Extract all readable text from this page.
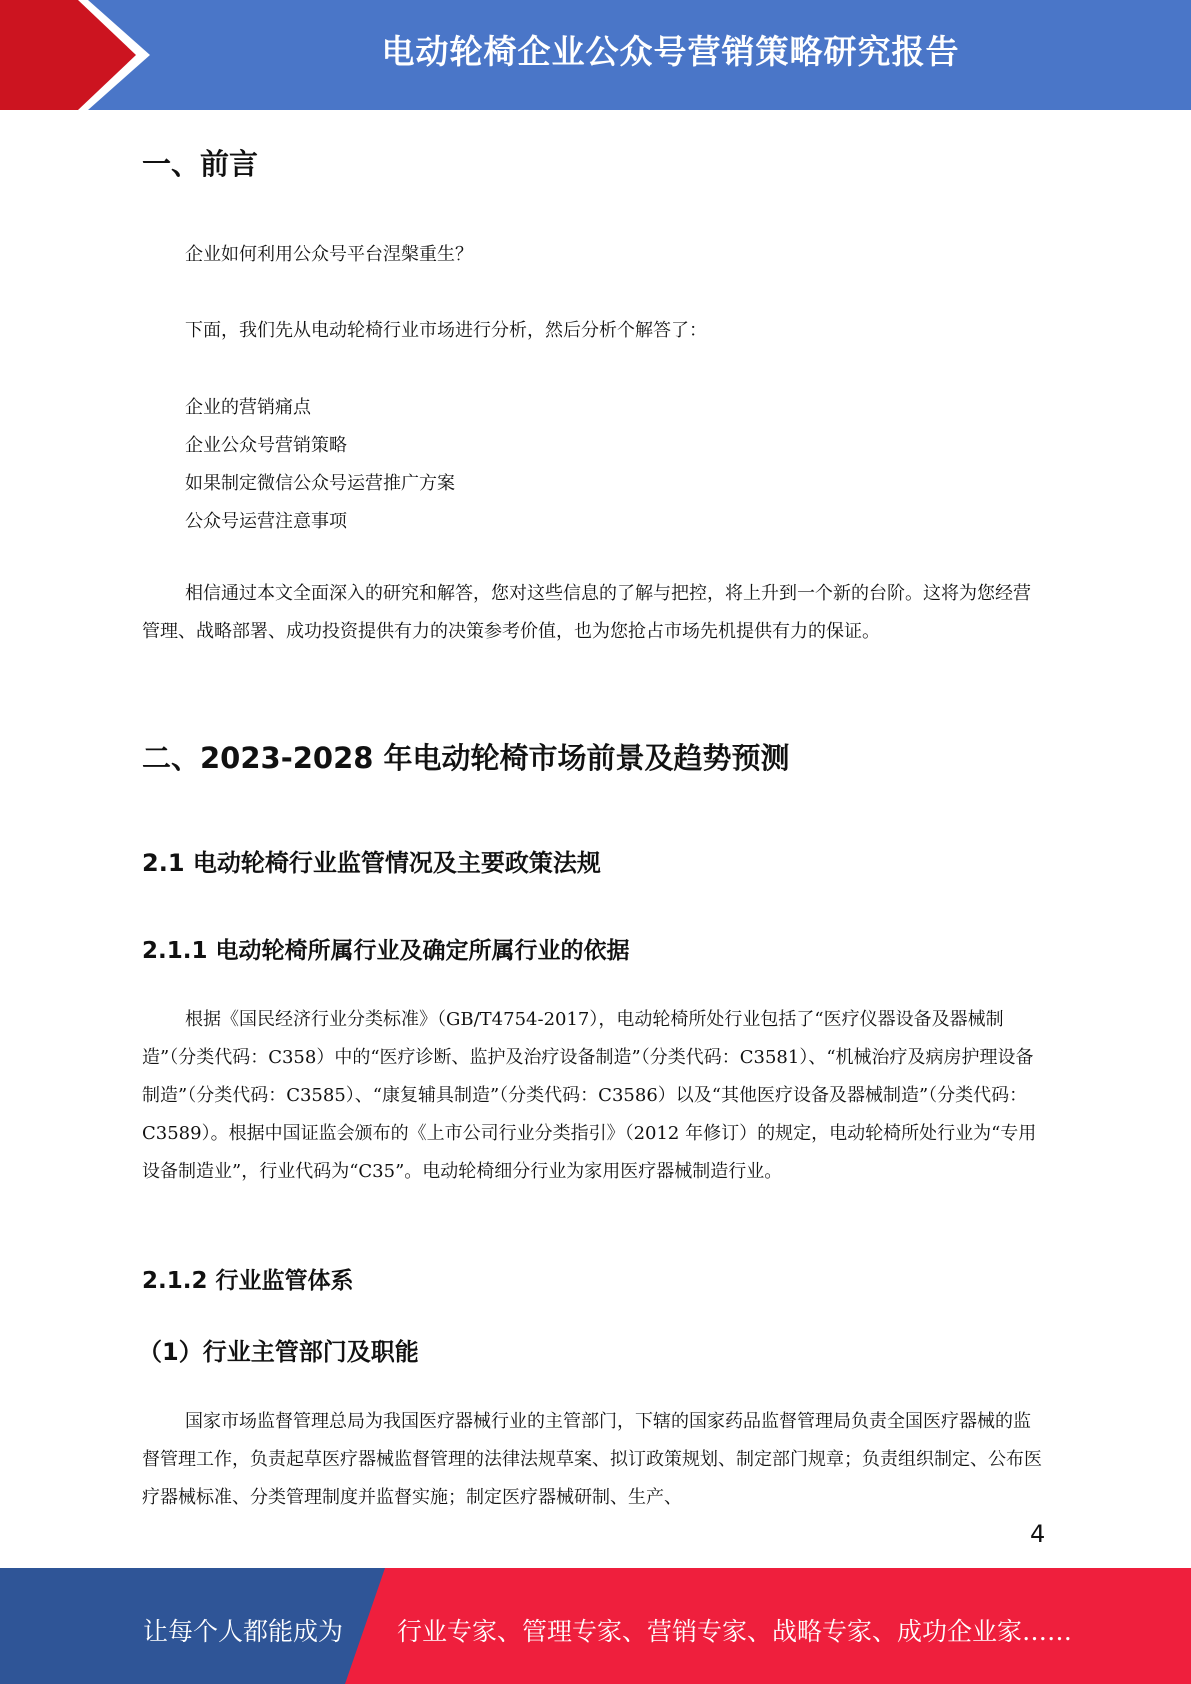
电动轮椅企业公众号营销策略研究报告
一、前言
企业如何利用公众号平台涅槃重生？
下面，我们先从电动轮椅行业市场进行分析，然后分析个解答了：
企业的营销痛点
企业公众号营销策略
如果制定微信公众号运营推广方案
公众号运营注意事项

相信通过本文全面深入的研究和解答，您对这些信息的了解与把控，将上升到一个新的台阶。这将为您经营管理、战略部署、成功投资提供有力的决策参考价值，也为您抢占市场先机提供有力的保证。

二、2023-2028 年电动轮椅市场前景及趋势预测
2.1 电动轮椅行业监管情况及主要政策法规
2.1.1 电动轮椅所属行业及确定所属行业的依据

根据《国民经济行业分类标准》（GB/T4754-2017），电动轮椅所处行业包括了“医疗仪器设备及器械制造”（分类代码：C358）中的“医疗诊断、监护及治疗设备制造”（分类代码：C3581）、“机械治疗及病房护理设备制造”（分类代码：C3585）、“康复辅具制造”（分类代码：C3586）以及“其他医疗设备及器械制造”（分类代码：C3589）。根据中国证监会颁布的《上市公司行业分类指引》（2012 年修订）的规定，电动轮椅所处行业为“专用设备制造业”，行业代码为“C35”。电动轮椅细分行业为家用医疗器械制造行业。

2.1.2 行业监管体系
（1）行业主管部门及职能

国家市场监督管理总局为我国医疗器械行业的主管部门，下辖的国家药品监督管理局负责全国医疗器械的监督管理工作，负责起草医疗器械监督管理的法律法规草案、拟订政策规划、制定部门规章；负责组织制定、公布医疗器械标准、分类管理制度并监督实施；制定医疗器械研制、生产、

4
让每个人都能成为 行业专家、管理专家、营销专家、战略专家、成功企业家……
